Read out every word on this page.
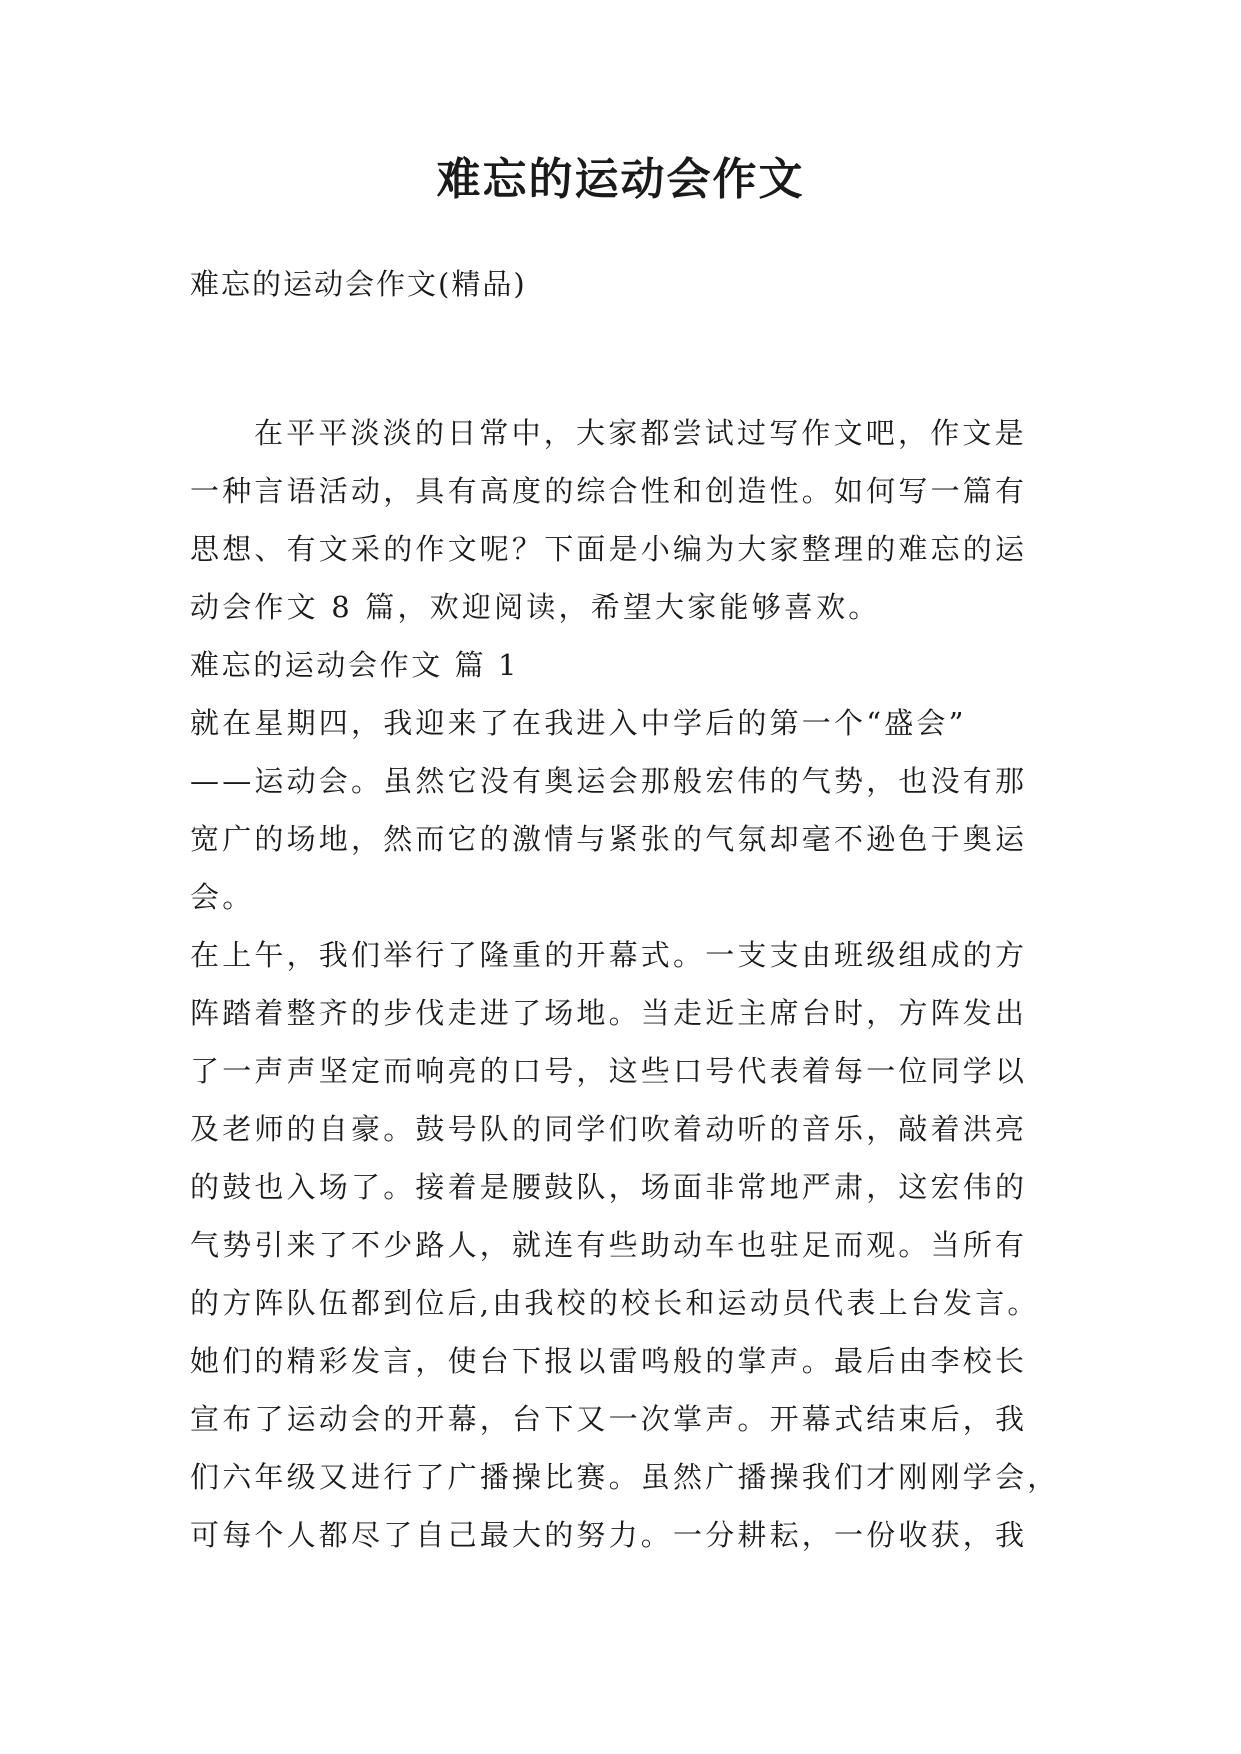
难忘的运动会作文

难忘的运动会作文(精品)

在平平淡淡的日常中，大家都尝试过写作文吧，作文是
一种言语活动，具有高度的综合性和创造性。如何写一篇有
思想、有文采的作文呢？下面是小编为大家整理的难忘的运
动会作文 8 篇，欢迎阅读，希望大家能够喜欢。
难忘的运动会作文 篇 1
就在星期四，我迎来了在我进入中学后的第一个“盛会”
——运动会。虽然它没有奥运会那般宏伟的气势，也没有那
宽广的场地，然而它的激情与紧张的气氛却毫不逊色于奥运
会。
在上午，我们举行了隆重的开幕式。一支支由班级组成的方
阵踏着整齐的步伐走进了场地。当走近主席台时，方阵发出
了一声声坚定而响亮的口号，这些口号代表着每一位同学以
及老师的自豪。鼓号队的同学们吹着动听的音乐，敲着洪亮
的鼓也入场了。接着是腰鼓队，场面非常地严肃，这宏伟的
气势引来了不少路人，就连有些助动车也驻足而观。当所有
的方阵队伍都到位后,由我校的校长和运动员代表上台发言。
她们的精彩发言，使台下报以雷鸣般的掌声。最后由李校长
宣布了运动会的开幕，台下又一次掌声。开幕式结束后，我
们六年级又进行了广播操比赛。虽然广播操我们才刚刚学会，
可每个人都尽了自己最大的努力。一分耕耘，一份收获，我
